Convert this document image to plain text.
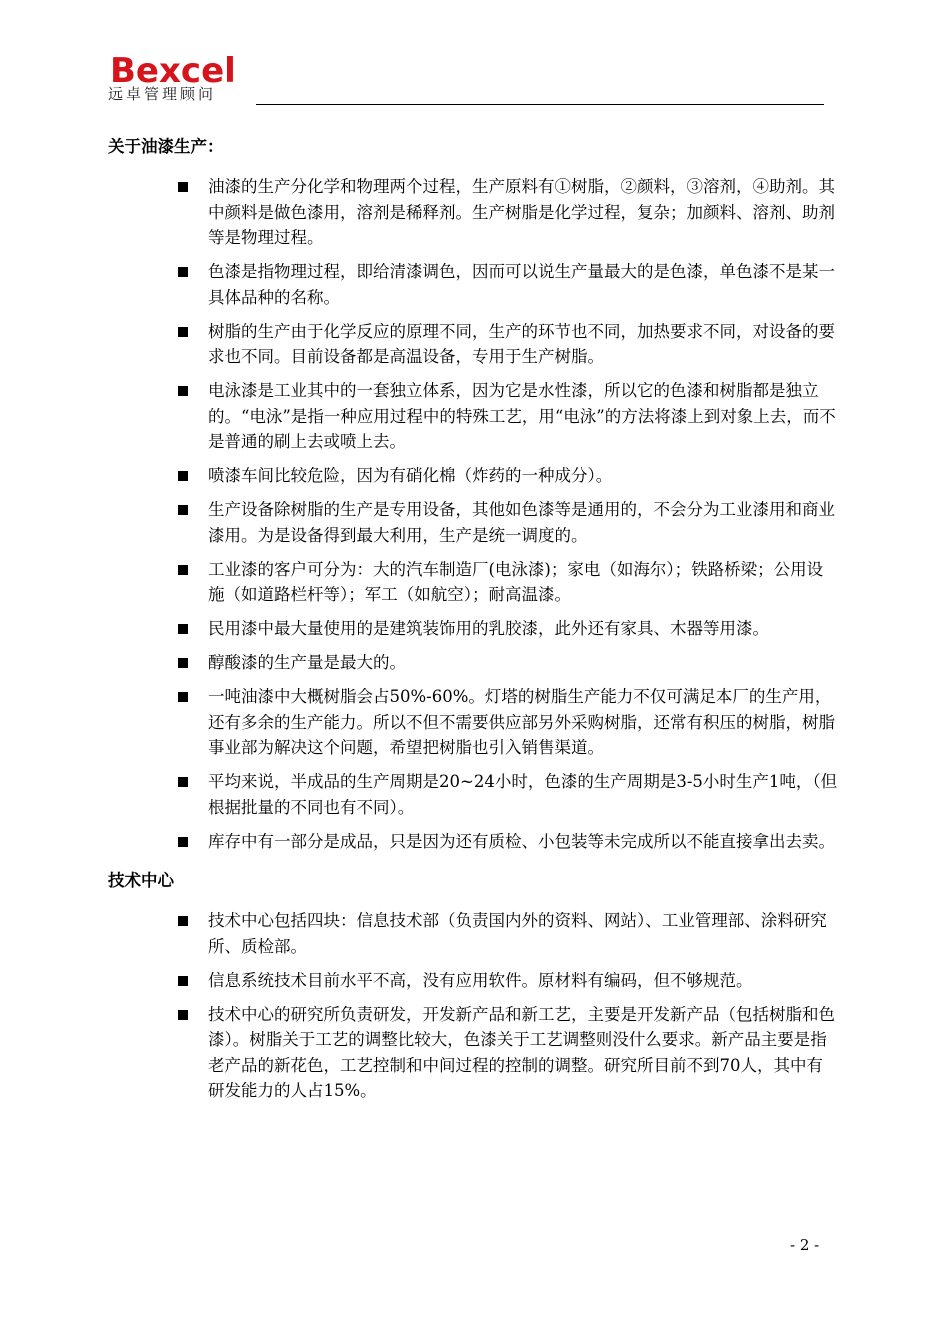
Bexcel
远卓管理顾问
关于油漆生产：
油漆的生产分化学和物理两个过程，生产原料有①树脂，②颜料，③溶剂，④助剂。其中颜料是做色漆用，溶剂是稀释剂。生产树脂是化学过程，复杂；加颜料、溶剂、助剂等是物理过程。
色漆是指物理过程，即给清漆调色，因而可以说生产量最大的是色漆，单色漆不是某一具体品种的名称。
树脂的生产由于化学反应的原理不同，生产的环节也不同，加热要求不同，对设备的要求也不同。目前设备都是高温设备，专用于生产树脂。
电泳漆是工业其中的一套独立体系，因为它是水性漆，所以它的色漆和树脂都是独立的。“电泳”是指一种应用过程中的特殊工艺，用“电泳”的方法将漆上到对象上去，而不是普通的刷上去或喷上去。
喷漆车间比较危险，因为有硝化棉（炸药的一种成分）。
生产设备除树脂的生产是专用设备，其他如色漆等是通用的，不会分为工业漆用和商业漆用。为是设备得到最大利用，生产是统一调度的。
工业漆的客户可分为：大的汽车制造厂(电泳漆)；家电（如海尔）；铁路桥梁；公用设施（如道路栏杆等）；军工（如航空）；耐高温漆。
民用漆中最大量使用的是建筑装饰用的乳胶漆，此外还有家具、木器等用漆。
醇酸漆的生产量是最大的。
一吨油漆中大概树脂会占50%-60%。灯塔的树脂生产能力不仅可满足本厂的生产用，还有多余的生产能力。所以不但不需要供应部另外采购树脂，还常有积压的树脂，树脂事业部为解决这个问题，希望把树脂也引入销售渠道。
平均来说，半成品的生产周期是20~24小时，色漆的生产周期是3-5小时生产1吨，（但根据批量的不同也有不同）。
库存中有一部分是成品，只是因为还有质检、小包装等未完成所以不能直接拿出去卖。
技术中心
技术中心包括四块：信息技术部（负责国内外的资料、网站）、工业管理部、涂料研究所、质检部。
信息系统技术目前水平不高，没有应用软件。原材料有编码，但不够规范。
技术中心的研究所负责研发，开发新产品和新工艺，主要是开发新产品（包括树脂和色漆）。树脂关于工艺的调整比较大，色漆关于工艺调整则没什么要求。新产品主要是指老产品的新花色，工艺控制和中间过程的控制的调整。研究所目前不到70人，其中有研发能力的人占15%。
- 2 -
